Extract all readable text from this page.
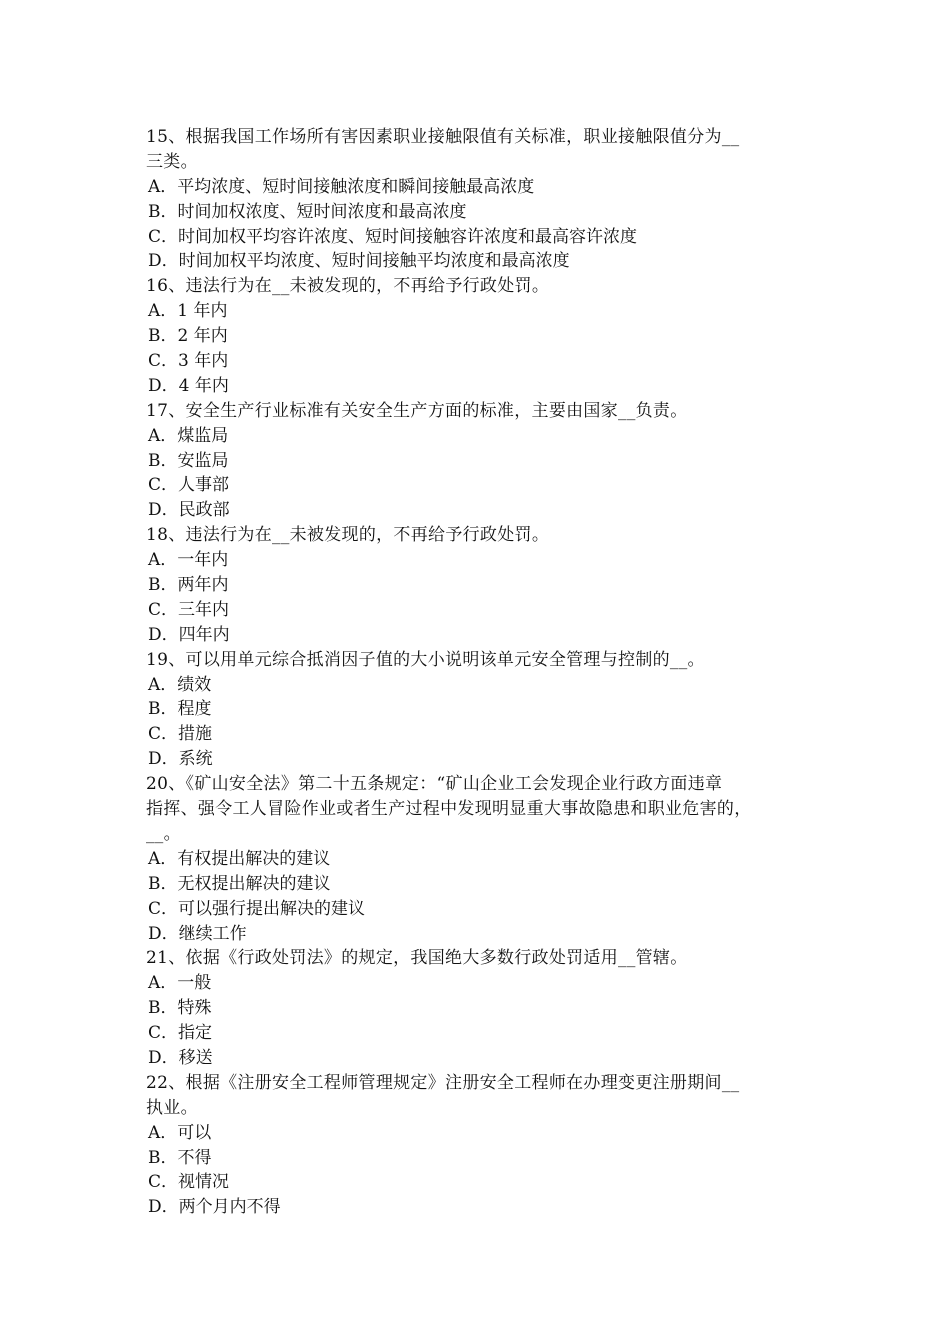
15、根据我国工作场所有害因素职业接触限值有关标准，职业接触限值分为__
三类。
A．平均浓度、短时间接触浓度和瞬间接触最高浓度
B．时间加权浓度、短时间浓度和最高浓度
C．时间加权平均容许浓度、短时间接触容许浓度和最高容许浓度
D．时间加权平均浓度、短时间接触平均浓度和最高浓度
16、违法行为在__未被发现的，不再给予行政处罚。
A．1 年内
B．2 年内
C．3 年内
D．4 年内
17、安全生产行业标准有关安全生产方面的标准，主要由国家__负责。
A．煤监局
B．安监局
C．人事部
D．民政部
18、违法行为在__未被发现的，不再给予行政处罚。
A．一年内
B．两年内
C．三年内
D．四年内
19、可以用单元综合抵消因子值的大小说明该单元安全管理与控制的__。
A．绩效
B．程度
C．措施
D．系统
20、《矿山安全法》第二十五条规定：“矿山企业工会发现企业行政方面违章
指挥、强令工人冒险作业或者生产过程中发现明显重大事故隐患和职业危害的，
__。
A．有权提出解决的建议
B．无权提出解决的建议
C．可以强行提出解决的建议
D．继续工作
21、依据《行政处罚法》的规定，我国绝大多数行政处罚适用__管辖。
A．一般
B．特殊
C．指定
D．移送
22、根据《注册安全工程师管理规定》注册安全工程师在办理变更注册期间__
执业。
A．可以
B．不得
C．视情况
D．两个月内不得
